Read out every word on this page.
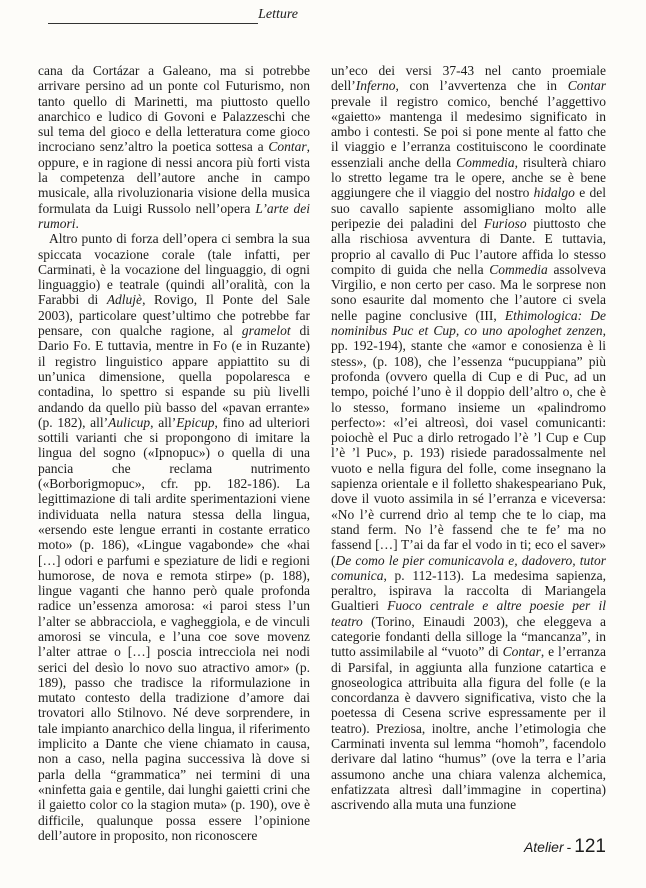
Letture

cana da Cortázar a Galeano, ma si potrebbe arrivare persino ad un ponte col Futurismo, non tanto quello di Marinetti, ma piuttosto quello anarchico e ludico di Govoni e Palazzeschi che sul tema del gioco e della letteratura come gioco incrociano senz’altro la poetica sottesa a Contar, oppure, e in ragione di nessi ancora più forti vista la competenza dell’autore anche in campo musicale, alla rivoluzionaria visione della musica formulata da Luigi Russolo nell’opera L’arte dei rumori.

Altro punto di forza dell’opera ci sembra la sua spiccata vocazione corale (tale infatti, per Carminati, è la vocazione del linguaggio, di ogni linguaggio) e teatrale (quindi all’oralità, con la Farabbi di Adlujè, Rovigo, Il Ponte del Sale 2003), particolare quest’ultimo che potrebbe far pensare, con qualche ragione, al gramelot di Dario Fo. E tuttavia, mentre in Fo (e in Ruzante) il registro linguistico appare appiattito su di un’unica dimensione, quella popolaresca e contadina, lo spettro si espande su più livelli andando da quello più basso del «pavan errante» (p. 182), all’Aulicup, all’Epicup, fino ad ulteriori sottili varianti che si propongono di imitare la lingua del sogno («Ipnopuc») o quella di una pancia che reclama nutrimento («Borborigmopuc», cfr. pp. 182-186). La legittimazione di tali ardite sperimentazioni viene individuata nella natura stessa della lingua, «ersendo este lengue erranti in costante erratico moto» (p. 186), «Lingue vagabonde» che «hai […] odori e parfumi e speziature de lidi e regioni humorose, de nova e remota stirpe» (p. 188), lingue vaganti che hanno però quale profonda radice un’essenza amorosa: «i paroi stess l’un l’alter se abbracciola, e vagheggiola, e de vinculi amorosi se vincula, e l’una coe sove movenz l’alter attrae o […] poscia intrecciola nei nodi serici del desìo lo novo suo atractivo amor» (p. 189), passo che tradisce la riformulazione in mutato contesto della tradizione d’amore dai trovatori allo Stilnovo. Né deve sorprendere, in tale impianto anarchico della lingua, il riferimento implicito a Dante che viene chiamato in causa, non a caso, nella pagina successiva là dove si parla della “grammatica” nei termini di una «ninfetta gaia e gentile, dai lunghi gaietti crini che il gaietto color co la stagion muta» (p. 190), ove è difficile, qualunque possa essere l’opinione dell’autore in proposito, non riconoscere

un’eco dei versi 37-43 nel canto proemiale dell’Inferno, con l’avvertenza che in Contar prevale il registro comico, benché l’aggettivo «gaietto» mantenga il medesimo significato in ambo i contesti. Se poi si pone mente al fatto che il viaggio e l’erranza costituiscono le coordinate essenziali anche della Commedia, risulterà chiaro lo stretto legame tra le opere, anche se è bene aggiungere che il viaggio del nostro hidalgo e del suo cavallo sapiente assomigliano molto alle peripezie dei paladini del Furioso piuttosto che alla rischiosa avventura di Dante. E tuttavia, proprio al cavallo di Puc l’autore affida lo stesso compito di guida che nella Commedia assolveva Virgilio, e non certo per caso. Ma le sorprese non sono esaurite dal momento che l’autore ci svela nelle pagine conclusive (III, Ethimologica: De nominibus Puc et Cup, co uno apologhet zenzen, pp. 192-194), stante che «amor e conosienza è li stess», (p. 108), che l’essenza “pucuppiana” più profonda (ovvero quella di Cup e di Puc, ad un tempo, poiché l’uno è il doppio dell’altro o, che è lo stesso, formano insieme un «palindromo perfecto»: «l’ei altreosì, doi vasel comunicanti: poiochè el Puc a dirlo retrogado l’è ’l Cup e Cup l’è ’l Puc», p. 193) risiede paradossalmente nel vuoto e nella figura del folle, come insegnano la sapienza orientale e il folletto shakespeariano Puk, dove il vuoto assimila in sé l’erranza e viceversa: «No l’è currend drìo al temp che te lo ciap, ma stand ferm. No l’è fassend che te fe’ ma no fassend […] T’ai da far el vodo in ti; eco el saver» (De como le pier comunicavola e, dadovero, tutor comunica, p. 112-113). La medesima sapienza, peraltro, ispirava la raccolta di Mariangela Gualtieri Fuoco centrale e altre poesie per il teatro (Torino, Einaudi 2003), che eleggeva a categorie fondanti della silloge la “mancanza”, in tutto assimilabile al “vuoto” di Contar, e l’erranza di Parsifal, in aggiunta alla funzione catartica e gnoseologica attribuita alla figura del folle (e la concordanza è davvero significativa, visto che la poetessa di Cesena scrive espressamente per il teatro). Preziosa, inoltre, anche l’etimologia che Carminati inventa sul lemma “homoh”, facendolo derivare dal latino “humus” (ove la terra e l’aria assumono anche una chiara valenza alchemica, enfatizzata altresì dall’immagine in copertina) ascrivendo alla muta una funzione

Atelier - 121
